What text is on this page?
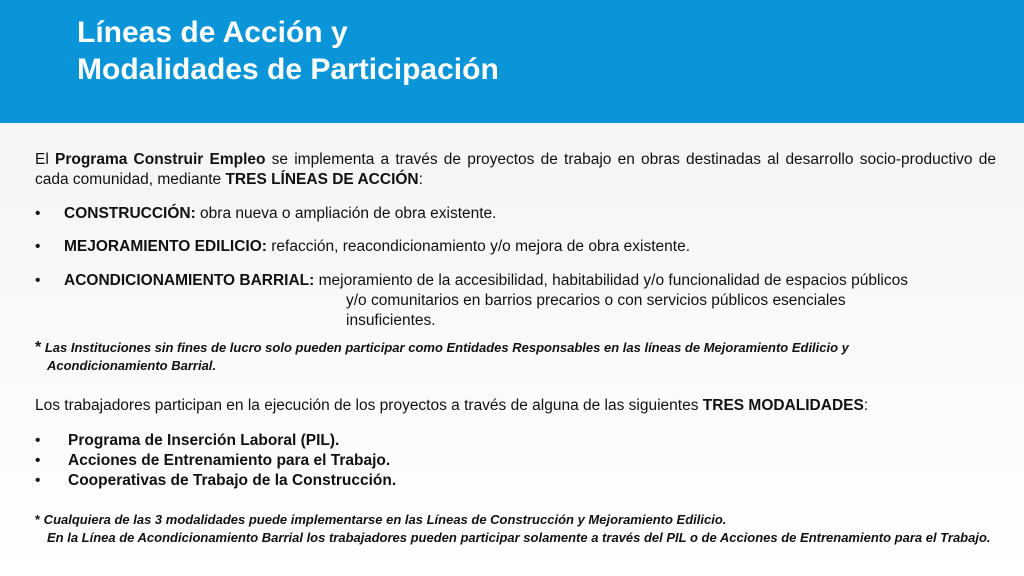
Líneas de Acción y
Modalidades de Participación

El Programa Construir Empleo se implementa a través de proyectos de trabajo en obras destinadas al desarrollo socio-productivo de cada comunidad, mediante TRES LÍNEAS DE ACCIÓN:

• CONSTRUCCIÓN: obra nueva o ampliación de obra existente.

• MEJORAMIENTO EDILICIO: refacción, reacondicionamiento y/o mejora de obra existente.

• ACONDICIONAMIENTO BARRIAL: mejoramiento de la accesibilidad, habitabilidad y/o funcionalidad de espacios públicos

y/o comunitarios en barrios precarios o con servicios públicos esenciales

insuficientes.

* Las Instituciones sin fines de lucro solo pueden participar como Entidades Responsables en las líneas de Mejoramiento Edilicio y
Acondicionamiento Barrial.

Los trabajadores participan en la ejecución de los proyectos a través de alguna de las siguientes TRES MODALIDADES:

• Programa de Inserción Laboral (PIL).

• Acciones de Entrenamiento para el Trabajo.

• Cooperativas de Trabajo de la Construcción.

* Cualquiera de las 3 modalidades puede implementarse en las Líneas de Construcción y Mejoramiento Edilicio.

En la Línea de Acondicionamiento Barrial los trabajadores pueden participar solamente a través del PIL o de Acciones de Entrenamiento para el Trabajo.
